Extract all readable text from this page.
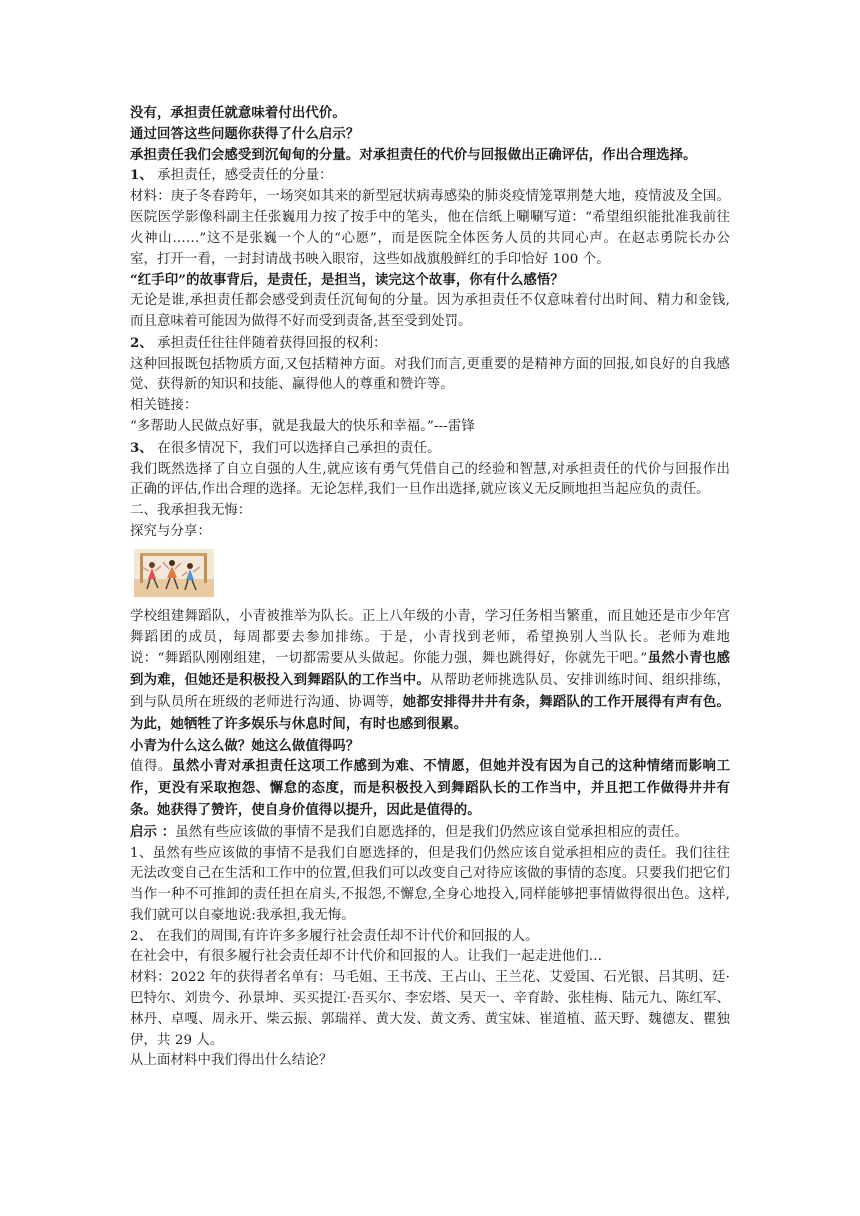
没有，承担责任就意味着付出代价。

通过回答这些问题你获得了什么启示？

承担责任我们会感受到沉甸甸的分量。对承担责任的代价与回报做出正确评估，作出合理选择。

1、 承担责任，感受责任的分量：

材料：庚子冬春跨年，一场突如其来的新型冠状病毒感染的肺炎疫情笼罩荆楚大地，疫情波及全国。 医院医学影像科副主任张巍用力按了按手中的笔头，他在信纸上唰唰写道：“希望组织能批准我前往火神山……”这不是张巍一个人的“心愿”，而是医院全体医务人员的共同心声。在赵志勇院长办公室，打开一看，一封封请战书映入眼帘，这些如战旗般鲜红的手印恰好 100 个。

“红手印”的故事背后，是责任，是担当，读完这个故事，你有什么感悟？

无论是谁,承担责任都会感受到责任沉甸甸的分量。因为承担责任不仅意味着付出时间、精力和金钱,而且意味着可能因为做得不好而受到责备,甚至受到处罚。

2、 承担责任往往伴随着获得回报的权利：

这种回报既包括物质方面,又包括精神方面。对我们而言,更重要的是精神方面的回报,如良好的自我感觉、获得新的知识和技能、赢得他人的尊重和赞许等。

相关链接：

“多帮助人民做点好事，就是我最大的快乐和幸福。”---雷锋

3、 在很多情况下，我们可以选择自己承担的责任。

我们既然选择了自立自强的人生,就应该有勇气凭借自己的经验和智慧,对承担责任的代价与回报作出正确的评估,作出合理的选择。无论怎样,我们一旦作出选择,就应该义无反顾地担当起应负的责任。

二、我承担我无悔：

探究与分享：

学校组建舞蹈队，小青被推举为队长。正上八年级的小青，学习任务相当繁重，而且她还是市少年宫舞蹈团的成员，每周都要去参加排练。于是，小青找到老师，希望换别人当队长。老师为难地说：“舞蹈队刚刚组建，一切都需要从头做起。你能力强，舞也跳得好，你就先干吧。”虽然小青也感到为难，但她还是积极投入到舞蹈队的工作当中。从帮助老师挑选队员、安排训练时间、组织排练，到与队员所在班级的老师进行沟通、协调等，她都安排得井井有条，舞蹈队的工作开展得有声有色。为此，她牺牲了许多娱乐与休息时间，有时也感到很累。

小青为什么这么做？她这么做值得吗？

值得。虽然小青对承担责任这项工作感到为难、不情愿，但她并没有因为自己的这种情绪而影响工作，更没有采取抱怨、懈怠的态度，而是积极投入到舞蹈队长的工作当中，并且把工作做得井井有条。她获得了赞许，使自身价值得以提升，因此是值得的。

启示 ：虽然有些应该做的事情不是我们自愿选择的，但是我们仍然应该自觉承担相应的责任。

1、虽然有些应该做的事情不是我们自愿选择的，但是我们仍然应该自觉承担相应的责任。我们往往无法改变自己在生活和工作中的位置,但我们可以改变自己对待应该做的事情的态度。只要我们把它们当作一种不可推卸的责任担在肩头,不报怨,不懈怠,全身心地投入,同样能够把事情做得很出色。这样,我们就可以自豪地说:我承担,我无悔。

2、 在我们的周围,有许许多多履行社会责任却不计代价和回报的人。

在社会中，有很多履行社会责任却不计代价和回报的人。让我们一起走进他们…

材料：2022 年的获得者名单有：马毛姐、王书茂、王占山、王兰花、艾爱国、石光银、吕其明、廷·巴特尔、刘贵今、孙景坤、买买提江·吾买尔、李宏塔、吴天一、辛育龄、张桂梅、陆元九、陈红军、林丹、卓嘎、周永开、柴云振、郭瑞祥、黄大发、黄文秀、黄宝妹、崔道植、蓝天野、魏德友、瞿独伊，共 29 人。

从上面材料中我们得出什么结论？
